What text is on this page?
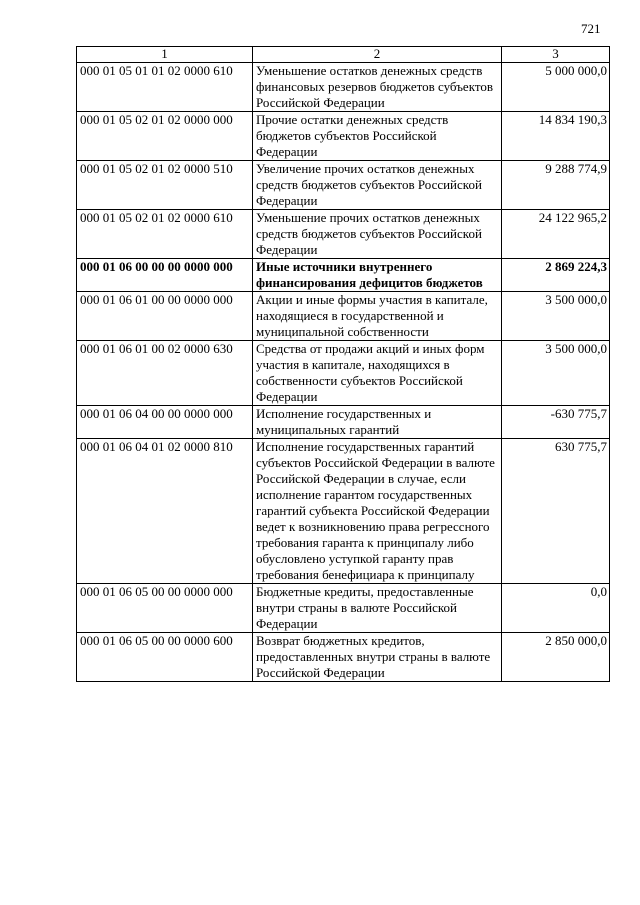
721
1	2	3
000 01 05 01 01 02 0000 610	Уменьшение остатков денежных средств финансовых резервов бюджетов субъектов Российской Федерации	5 000 000,0
000 01 05 02 01 02 0000 000	Прочие остатки денежных средств бюджетов субъектов Российской Федерации	14 834 190,3
000 01 05 02 01 02 0000 510	Увеличение прочих остатков денежных средств бюджетов субъектов Российской Федерации	9 288 774,9
000 01 05 02 01 02 0000 610	Уменьшение прочих остатков денежных средств бюджетов субъектов Российской Федерации	24 122 965,2
000 01 06 00 00 00 0000 000	Иные источники внутреннего финансирования дефицитов бюджетов	2 869 224,3
000 01 06 01 00 00 0000 000	Акции и иные формы участия в капитале, находящиеся в государственной и муниципальной собственности	3 500 000,0
000 01 06 01 00 02 0000 630	Средства от продажи акций и иных форм участия в капитале, находящихся в собственности субъектов Российской Федерации	3 500 000,0
000 01 06 04 00 00 0000 000	Исполнение государственных и муниципальных гарантий	-630 775,7
000 01 06 04 01 02 0000 810	Исполнение государственных гарантий субъектов Российской Федерации в валюте Российской Федерации в случае, если исполнение гарантом государственных гарантий субъекта Российской Федерации ведет к возникновению права регрессного требования гаранта к принципалу либо обусловлено уступкой гаранту прав требования бенефициара к принципалу	630 775,7
000 01 06 05 00 00 0000 000	Бюджетные кредиты, предоставленные внутри страны в валюте Российской Федерации	0,0
000 01 06 05 00 00 0000 600	Возврат бюджетных кредитов, предоставленных внутри страны в валюте Российской Федерации	2 850 000,0
